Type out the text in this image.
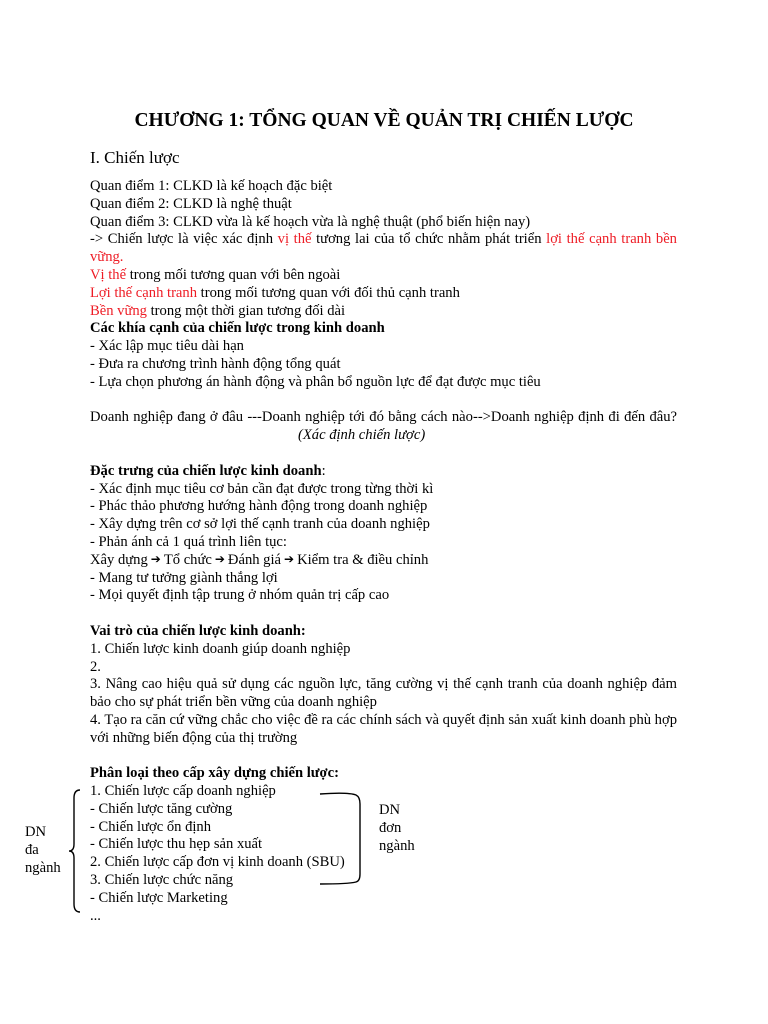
CHƯƠNG 1: TỔNG QUAN VỀ QUẢN TRỊ CHIẾN LƯỢC
I. Chiến lược

Quan điểm 1: CLKD là kế hoạch đặc biệt

Quan điểm 2: CLKD là nghệ thuật

Quan điểm 3: CLKD vừa là kế hoạch vừa là nghệ thuật (phổ biến hiện nay)

-> Chiến lược là việc xác định vị thế tương lai của tổ chức nhằm phát triển lợi thế cạnh tranh bền vững.

Vị thế trong mối tương quan với bên ngoài

Lợi thế cạnh tranh trong mối tương quan với đối thủ cạnh tranh

Bền vững trong một thời gian tương đối dài

Các khía cạnh của chiến lược trong kinh doanh

- Xác lập mục tiêu dài hạn

- Đưa ra chương trình hành động tổng quát

- Lựa chọn phương án hành động và phân bổ nguồn lực để đạt được mục tiêu

Doanh nghiệp đang ở đâu ---Doanh nghiệp tới đó bằng cách nào-->Doanh nghiệp định đi đến đâu?(Xác định chiến lược)

Đặc trưng của chiến lược kinh doanh:

- Xác định mục tiêu cơ bản cần đạt được trong từng thời kì

- Phác thảo phương hướng hành động trong doanh nghiệp

- Xây dựng trên cơ sở lợi thế cạnh tranh của doanh nghiệp

- Phản ánh cả 1 quá trình liên tục:

Xây dựng ➔ Tổ chức ➔ Đánh giá ➔ Kiểm tra & điều chỉnh

- Mang tư tưởng giành thắng lợi

- Mọi quyết định tập trung ở nhóm quản trị cấp cao

Vai trò của chiến lược kinh doanh:

1. Chiến lược kinh doanh giúp doanh nghiệp

2.

3. Nâng cao hiệu quả sử dụng các nguồn lực, tăng cường vị thế cạnh tranh của doanh nghiệp đảm bảo cho sự phát triển bền vững của doanh nghiệp

4. Tạo ra căn cứ vững chắc cho việc đề ra các chính sách và quyết định sản xuất kinh doanh phù hợp với những biến động của thị trường

Phân loại theo cấp xây dựng chiến lược:

1. Chiến lược cấp doanh nghiệp

- Chiến lược tăng cường

- Chiến lược ổn định

- Chiến lược thu hẹp sản xuất

2. Chiến lược cấp đơn vị kinh doanh (SBU)

3. Chiến lược chức năng

- Chiến lược Marketing

...

DN
đa
ngành
DN
đơn
ngành
